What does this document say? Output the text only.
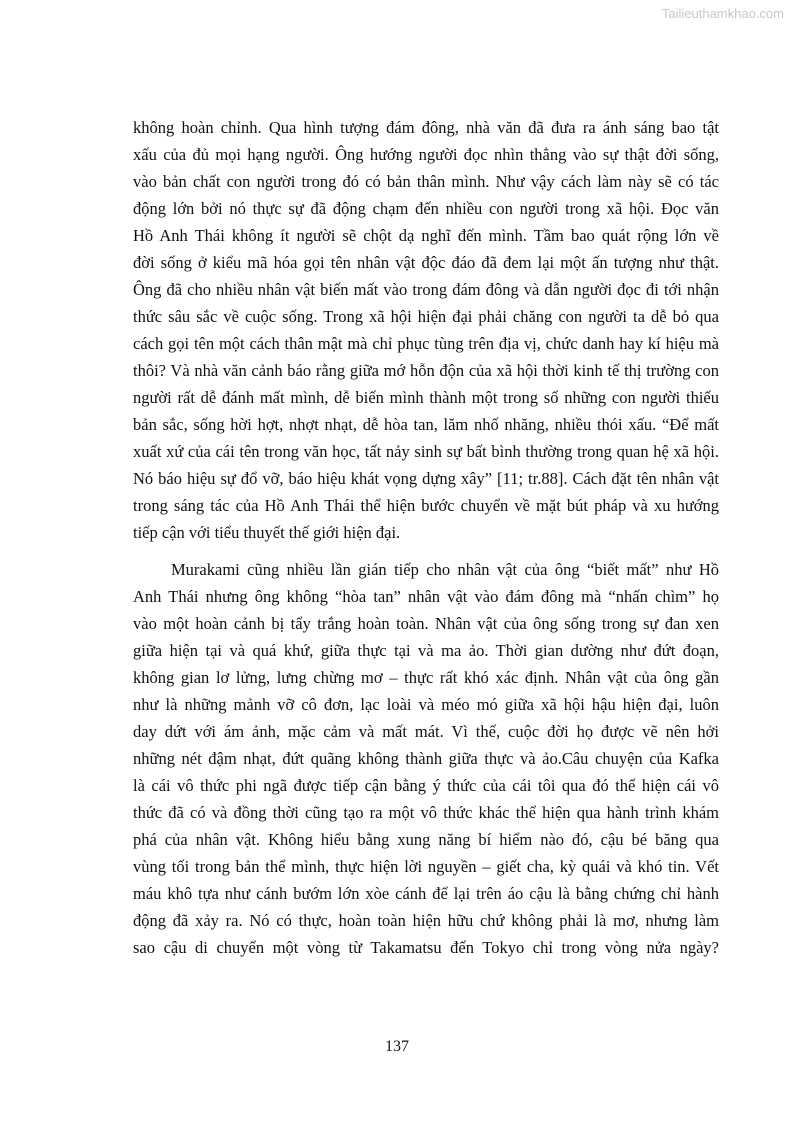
Tailieuthamkhao.com
không hoàn chỉnh. Qua hình tượng đám đông, nhà văn đã đưa ra ánh sáng bao tật
xấu của đủ mọi hạng người. Ông hướng người đọc nhìn thẳng vào sự thật đời sống,
vào bản chất con người trong đó có bản thân mình. Như vậy cách làm này sẽ có tác
động lớn bởi nó thực sự đã động chạm đến nhiều con người trong xã hội. Đọc văn
Hồ Anh Thái không ít người sẽ chột dạ nghĩ đến mình. Tầm bao quát rộng lớn về
đời sống ở kiểu mã hóa gọi tên nhân vật độc đáo đã đem lại một ấn tượng như thật.
Ông đã cho nhiều nhân vật biến mất vào trong đám đông và dẫn người đọc đi tới nhận
thức sâu sắc về cuộc sống. Trong xã hội hiện đại phải chăng con người ta dễ bỏ qua
cách gọi tên một cách thân mật mà chỉ phục tùng trên địa vị, chức danh hay kí hiệu mà
thôi? Và nhà văn cảnh báo rằng giữa mớ hỗn độn của xã hội thời kinh tế thị trường con
người rất dễ đánh mất mình, dễ biến mình thành một trong số những con người thiếu
bản sắc, sống hời hợt, nhợt nhạt, dễ hòa tan, lăm nhố nhăng, nhiều thói xấu. “Để mất
xuất xứ của cái tên trong văn học, tất nảy sinh sự bất bình thường trong quan hệ xã hội.
Nó báo hiệu sự đổ vỡ, báo hiệu khát vọng dựng xây” [11; tr.88]. Cách đặt tên nhân vật
trong sáng tác của Hồ Anh Thái thể hiện bước chuyển về mặt bút pháp và xu hướng
tiếp cận với tiểu thuyết thế giới hiện đại.
Murakami cũng nhiều lần gián tiếp cho nhân vật của ông “biết mất” như Hồ
Anh Thái nhưng ông không “hòa tan” nhân vật vào đám đông mà “nhấn chìm” họ
vào một hoàn cảnh bị tẩy trắng hoàn toàn. Nhân vật của ông sống trong sự đan xen
giữa hiện tại và quá khứ, giữa thực tại và ma ảo. Thời gian dường như đứt đoạn,
không gian lơ lửng, lưng chừng mơ – thực rất khó xác định. Nhân vật của ông gần
như là những mảnh vỡ cô đơn, lạc loài và méo mó giữa xã hội hậu hiện đại, luôn
day dứt với ám ảnh, mặc cảm và mất mát. Vì thế, cuộc đời họ được vẽ nên hởi
những nét đậm nhạt, đứt quãng không thành giữa thực và ảo.Câu chuyện của Kafka
là cái vô thức phi ngã được tiếp cận bằng ý thức của cái tôi qua đó thể hiện cái vô
thức đã có và đồng thời cũng tạo ra một vô thức khác thể hiện qua hành trình khám
phá của nhân vật. Không hiểu bằng xung năng bí hiểm nào đó, cậu bé băng qua
vùng tối trong bản thể mình, thực hiện lời nguyền – giết cha, kỳ quái và khó tin. Vết
máu khô tựa như cánh bướm lớn xòe cánh để lại trên áo cậu là bằng chứng chỉ hành
động đã xảy ra. Nó có thực, hoàn toàn hiện hữu chứ không phải là mơ, nhưng làm
sao cậu di chuyển một vòng từ Takamatsu đến Tokyo chỉ trong vòng nửa ngày?
137
